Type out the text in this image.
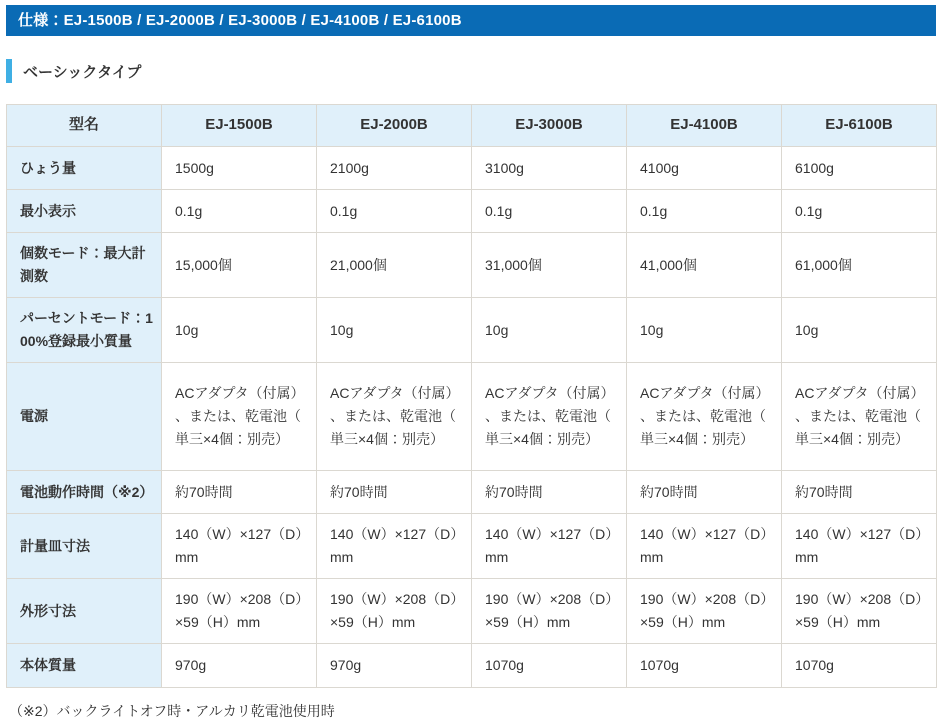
仕様：EJ-1500B / EJ-2000B / EJ-3000B / EJ-4100B / EJ-6100B
ベーシックタイプ
型名	EJ-1500B	EJ-2000B	EJ-3000B	EJ-4100B	EJ-6100B
ひょう量	1500g	2100g	3100g	4100g	6100g
最小表示	0.1g	0.1g	0.1g	0.1g	0.1g
個数モード：最大計測数	15,000個	21,000個	31,000個	41,000個	61,000個
パーセントモード：100%登録最小質量	10g	10g	10g	10g	10g
電源	ACアダプタ（付属）、または、乾電池（単三×4個：別売）	ACアダプタ（付属）、または、乾電池（単三×4個：別売）	ACアダプタ（付属）、または、乾電池（単三×4個：別売）	ACアダプタ（付属）、または、乾電池（単三×4個：別売）	ACアダプタ（付属）、または、乾電池（単三×4個：別売）
電池動作時間（※2）	約70時間	約70時間	約70時間	約70時間	約70時間
計量皿寸法	140（W）×127（D）mm	140（W）×127（D）mm	140（W）×127（D）mm	140（W）×127（D）mm	140（W）×127（D）mm
外形寸法	190（W）×208（D）×59（H）mm	190（W）×208（D）×59（H）mm	190（W）×208（D）×59（H）mm	190（W）×208（D）×59（H）mm	190（W）×208（D）×59（H）mm
本体質量	970g	970g	1070g	1070g	1070g
（※2）バックライトオフ時・アルカリ乾電池使用時
